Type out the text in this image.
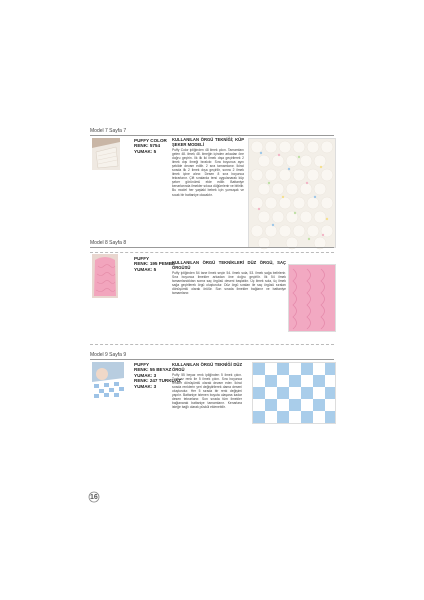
Model 7 Sayfa 7
PUFFY COLOR
RENK: 5754
YUMAK: 5
KULLANILAN ÖRGÜ TEKNİĞİ; KÜP ŞEKER MODELİ
Puffy Color ipliğinden 48 ilmek çıkın. Tamamlanı gelen 48. ilmek 48. ilmeğin içinden arkadan öne doğru geçirin. İlk ilk iki ilmek dışa geçirilerek 2 ilmek dışı ilmeği bırakılır. Sıra boyunca aynı şekilde devam edilir. 2 sıra tamamlanır. İkinci sırada ilk 2 ilmek dışa geçirilir, sonra 2 ilmek ilmek içine alınır. Desen 8 sıra boyunca tekrarlanır. Çift sıralarda tersi uygulanarak küp şeker görünümü elde edilir. Battaniye kenarlarında ilmekler sıkıca düğümlenir ve bitirilir. Bu model her yaştaki bebek için yumuşak ve sıcak bir battaniye olacaktır.
Model 8 Sayfa 8
PUFFY
RENK: 195 PEMBE
YUMAK: 5
KULLANILAN ÖRGÜ TEKNİKLERİ DÜZ ÖRGÜ, SAÇ ÖRGÜSÜ
Puffy ipliğinden 54 tane ilmek seçin 54. ilmek sola, 53. ilmek sağa belirlenir. Sıra boyunca ilmekler arkadan öne doğru geçirilir. İlk 54 ilmek tamamlandıktan sonra saç örgüsü deseni başlatılır. Üç ilmek sola, üç ilmek sağa geçirilerek örgü oluşturulur. Düz örgü sıraları ile saç örgüsü sıraları dönüşümlü olarak örülür. Son sırada ilmekler bağlanır ve battaniye tamamlanır.
Model 9 Sayfa 9
PUFFY
RENK: 55 BEYAZ
YUMAK: 3
RENK: 247 TURKUAZ
YUMAK: 3
KULLANILAN ÖRGÜ TEKNİĞİ DÜZ ÖRGÜ
Puffy 55 beyaz renk ipliğinden 5 ilmek çıkın. Turkuaz renk ile 5 ilmek çıkın. Sıra boyunca renkler dönüşümlü olarak devam eder. İkinci sırada renklerin yeri değiştirilerek dama deseni oluşturulur. Her 5 sırada bir renk değişimi yapılır. Battaniye istenen boyuta ulaşana kadar desen tekrarlanır. Son sırada tüm ilmekler bağlanarak battaniye tamamlanır. Kenarlara isteğe bağlı olarak püskül eklenebilir.
16
